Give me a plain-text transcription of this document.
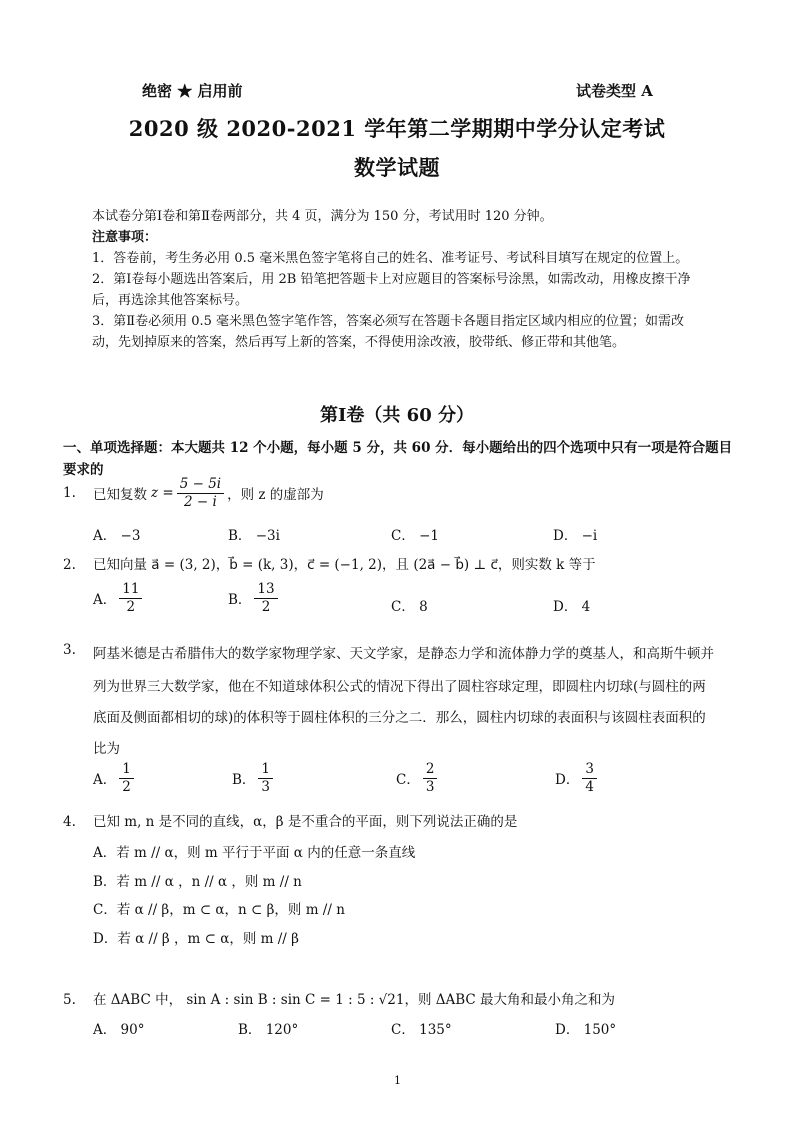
绝密 ★ 启用前	试卷类型 A
2020 级 2020-2021 学年第二学期期中学分认定考试
数学试题
本试卷分第Ⅰ卷和第Ⅱ卷两部分，共 4 页，满分为 150 分，考试用时 120 分钟。
注意事项：
1．答卷前，考生务必用 0.5 毫米黑色签字笔将自己的姓名、准考证号、考试科目填写在规定的位置上。
2．第Ⅰ卷每小题选出答案后，用 2B 铅笔把答题卡上对应题目的答案标号涂黑，如需改动，用橡皮擦干净
后，再选涂其他答案标号。
3．第Ⅱ卷必须用 0.5 毫米黑色签字笔作答，答案必须写在答题卡各题目指定区域内相应的位置；如需改
动，先划掉原来的答案，然后再写上新的答案，不得使用涂改液，胶带纸、修正带和其他笔。
第Ⅰ卷（共 60 分）
一、单项选择题：本大题共 12 个小题，每小题 5 分，共 60 分．每小题给出的四个选项中只有一项是符合题目
要求的
1.	已知复数 $z = \frac{5 - 5i}{2 - i}$ ，则 z 的虚部为
A． −3	B． −3i	C． −1	D． −i
2. 已知向量 a⃗ = (3, 2)，b⃗ = (k, 3)，c⃗ = (−1, 2)，且 (2a⃗ − b⃗) ⊥ c⃗，则实数 k 等于
A． $\frac{11}{2}$	B． $\frac{13}{2}$	C． 8	D． 4
3. 阿基米德是古希腊伟大的数学家物理学家、天文学家，是静态力学和流体静力学的奠基人，和高斯牛顿并
列为世界三大数学家，他在不知道球体积公式的情况下得出了圆柱容球定理，即圆柱内切球(与圆柱的两
底面及侧面都相切的球)的体积等于圆柱体积的三分之二．那么，圆柱内切球的表面积与该圆柱表面积的
比为
A． $\frac{1}{2}$	B． $\frac{1}{3}$	C． $\frac{2}{3}$	D． $\frac{3}{4}$
4. 已知 m, n 是不同的直线，α，β 是不重合的平面，则下列说法正确的是
A．若 m // α，则 m 平行于平面 α 内的任意一条直线
B．若 m // α ，n // α ，则 m // n
C．若 α // β，m ⊂ α，n ⊂ β，则 m // n
D．若 α // β ，m ⊂ α，则 m // β
5. 在 ΔABC 中， sin A : sin B : sin C = 1 : 5 : √21，则 ΔABC 最大角和最小角之和为
A． 90°	B． 120°	C． 135°	D． 150°
1
